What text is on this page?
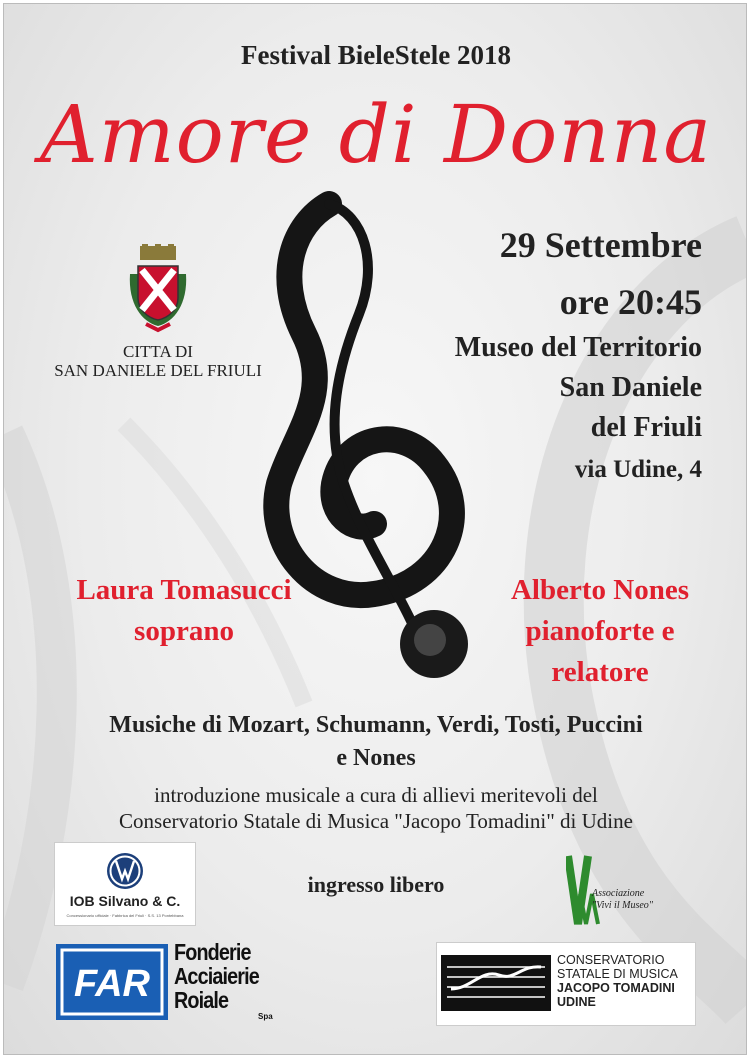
Festival BieleStele 2018
Amore di Donna
29 Settembre
ore 20:45
Museo del Territorio
San Daniele
del Friuli
via Udine, 4
CITTA DI
SAN DANIELE DEL FRIULI
Laura Tomasucci
soprano
Alberto Nones
pianoforte e
relatore
Musiche di Mozart, Schumann, Verdi, Tosti, Puccini
e Nones
introduzione musicale a cura di allievi meritevoli del
Conservatorio Statale di Musica "Jacopo Tomadini" di Udine
ingresso libero
IOB Silvano & C.
Concessionario ufficiale · Fabbrica del Friuli · S.S. 13 Pontebbana
Associazione
"Vivi il Museo"
FAR
Fonderie
Acciaierie
Roiale
Spa
CONSERVATORIO
STATALE DI MUSICA
JACOPO TOMADINI
UDINE
